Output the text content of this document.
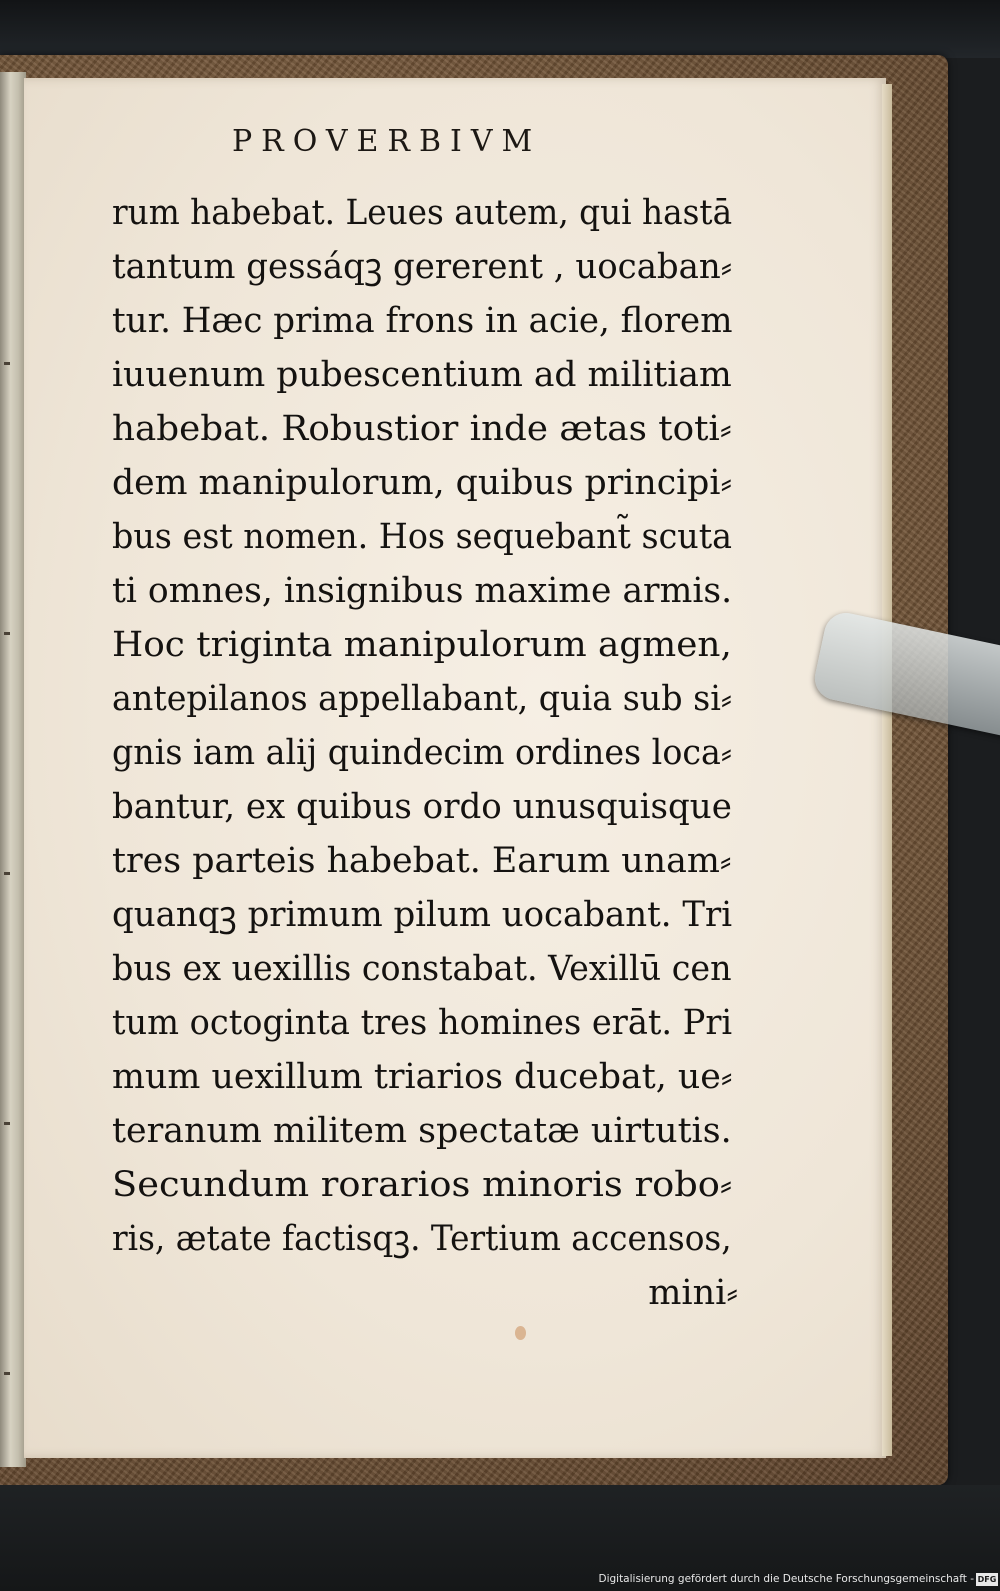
PROVERBIVM
rum habebat. Leues autem, qui hastā
tantum gessáqꝫ gererent , uocaban⸗
tur. Hæc prima frons in acie, florem
iuuenum pubescentium ad militiam
habebat. Robustior inde ætas toti⸗
dem manipulorum, quibus principi⸗
bus est nomen. Hos sequebant̃ scuta
ti omnes, insignibus maxime armis.
Hoc triginta manipulorum agmen,
antepilanos appellabant, quia sub si⸗
gnis iam alij quindecim ordines loca⸗
bantur, ex quibus ordo unusquisque
tres parteis habebat. Earum unam⸗
quanqꝫ primum pilum uocabant. Tri
bus ex uexillis constabat. Vexillū cen
tum octoginta tres homines erāt. Pri
mum uexillum triarios ducebat, ue⸗
teranum militem spectatæ uirtutis.
Secundum rorarios minoris robo⸗
ris, ætate factisqꝫ. Tertium accensos,
mini⸗
Digitalisierung gefördert durch die Deutsche Forschungsgemeinschaft - DFG
